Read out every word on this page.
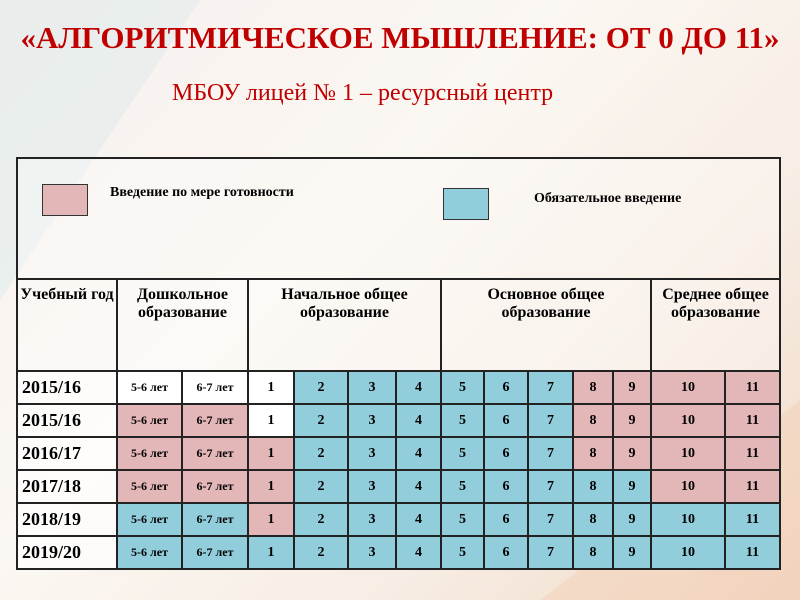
«АЛГОРИТМИЧЕСКОЕ МЫШЛЕНИЕ: ОТ 0 ДО 11»
МБОУ лицей № 1 – ресурсный центр
Введение по мере готовности Обязательное введение													

Учебный год	Дошкольное образование		Начальное общее образование				Основное общее образование					Среднее общее образование	
2015/16	5-6 лет	6-7 лет	1	2	3	4	5	6	7	8	9	10	11
2015/16	5-6 лет	6-7 лет	1	2	3	4	5	6	7	8	9	10	11
2016/17	5-6 лет	6-7 лет	1	2	3	4	5	6	7	8	9	10	11
2017/18	5-6 лет	6-7 лет	1	2	3	4	5	6	7	8	9	10	11
2018/19	5-6 лет	6-7 лет	1	2	3	4	5	6	7	8	9	10	11
2019/20	5-6 лет	6-7 лет	1	2	3	4	5	6	7	8	9	10	11
